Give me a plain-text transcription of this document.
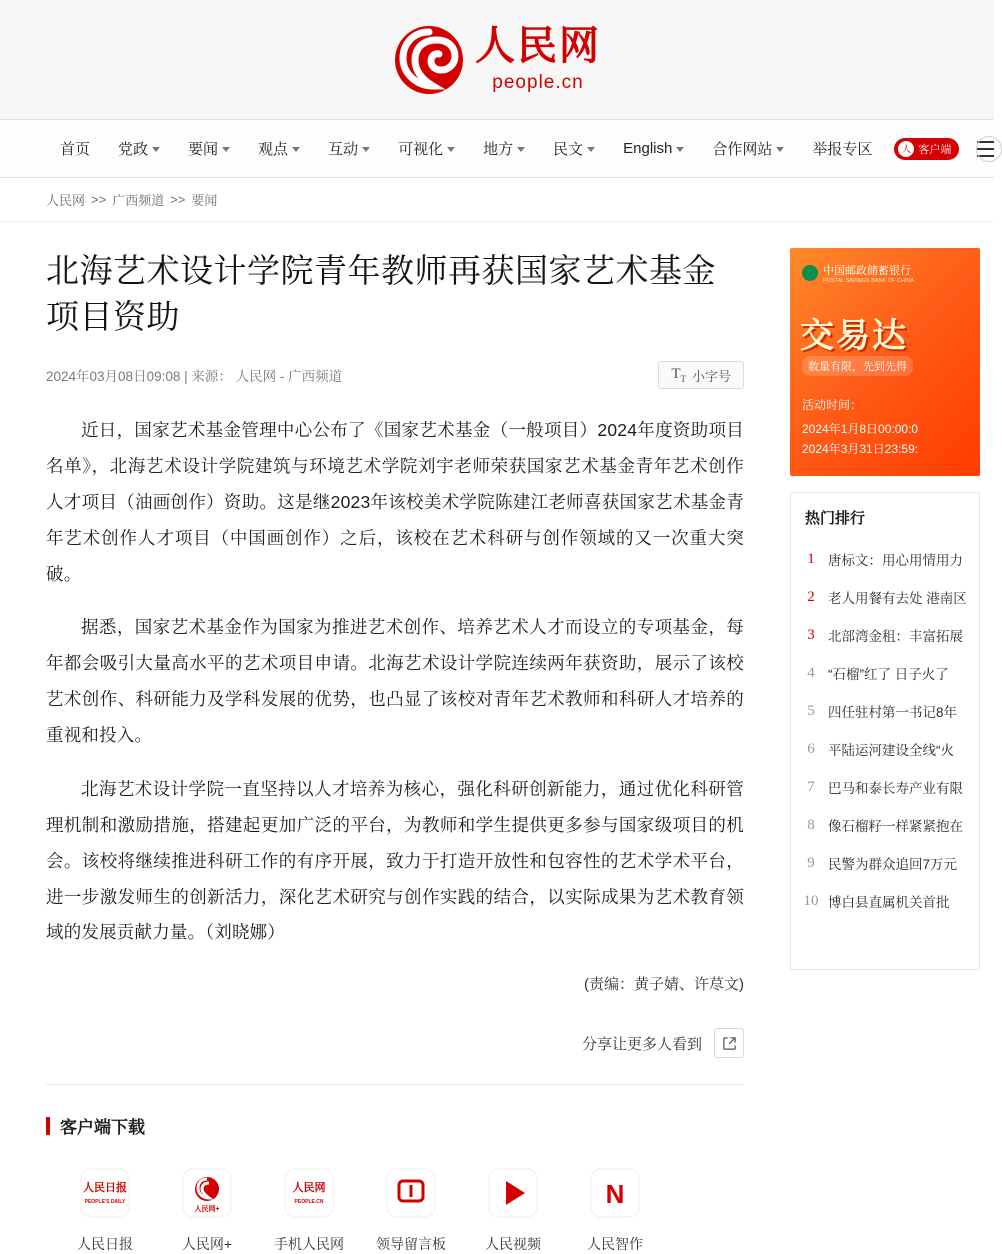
人民网
people.cn
首页 党政	要闻	观点	互动	可视化	地方	民文	English	合作网站	举报专区	人 客户端
人民网 >> 广西频道 >> 要闻
北海艺术设计学院青年教师再获国家艺术基金项目资助
2024年03月08日09:08 | 来源： 人民网 - 广西频道	$T_T$ 小字号

近日，国家艺术基金管理中心公布了《国家艺术基金（一般项目）2024年度资助项目名单》，北海艺术设计学院建筑与环境艺术学院刘宇老师荣获国家艺术基金青年艺术创作人才项目（油画创作）资助。这是继2023年该校美术学院陈建江老师喜获国家艺术基金青年艺术创作人才项目（中国画创作）之后，该校在艺术科研与创作领域的又一次重大突破。

据悉，国家艺术基金作为国家为推进艺术创作、培养艺术人才而设立的专项基金，每年都会吸引大量高水平的艺术项目申请。北海艺术设计学院连续两年获资助，展示了该校艺术创作、科研能力及学科发展的优势，也凸显了该校对青年艺术教师和科研人才培养的重视和投入。

北海艺术设计学院一直坚持以人才培养为核心，强化科研创新能力，通过优化科研管理机制和激励措施，搭建起更加广泛的平台，为教师和学生提供更多参与国家级项目的机会。该校将继续推进科研工作的有序开展，致力于打造开放性和包容性的艺术学术平台，进一步激发师生的创新活力，深化艺术研究与创作实践的结合，以实际成果为艺术教育领域的发展贡献力量。（刘晓娜）

(责编：黄子婧、许荩文)
分享让更多人看到
客户端下载
人民日报
PEOPLE'S DAILY
人民日报
人民网+
人民网+
人民网
PEOPLE.CN
手机人民网	领导留言板	人民视频
N
人民智作
中国邮政储蓄银行
POSTAL SAVINGS BANK OF CHINA
交易达
数量有限，先到先得
活动时间：
2024年1月8日00:00:0
2024年3月31日23:59:
热门排行
1 唐标文：用心用情用力
2 老人用餐有去处 港南区
3 北部湾金租：丰富拓展
4 “石榴”红了 日子火了
5 四任驻村第一书记8年
6 平陆运河建设全线“火
7 巴马和泰长寿产业有限
8 像石榴籽一样紧紧抱在
9 民警为群众追回7万元
10 博白县直属机关首批
